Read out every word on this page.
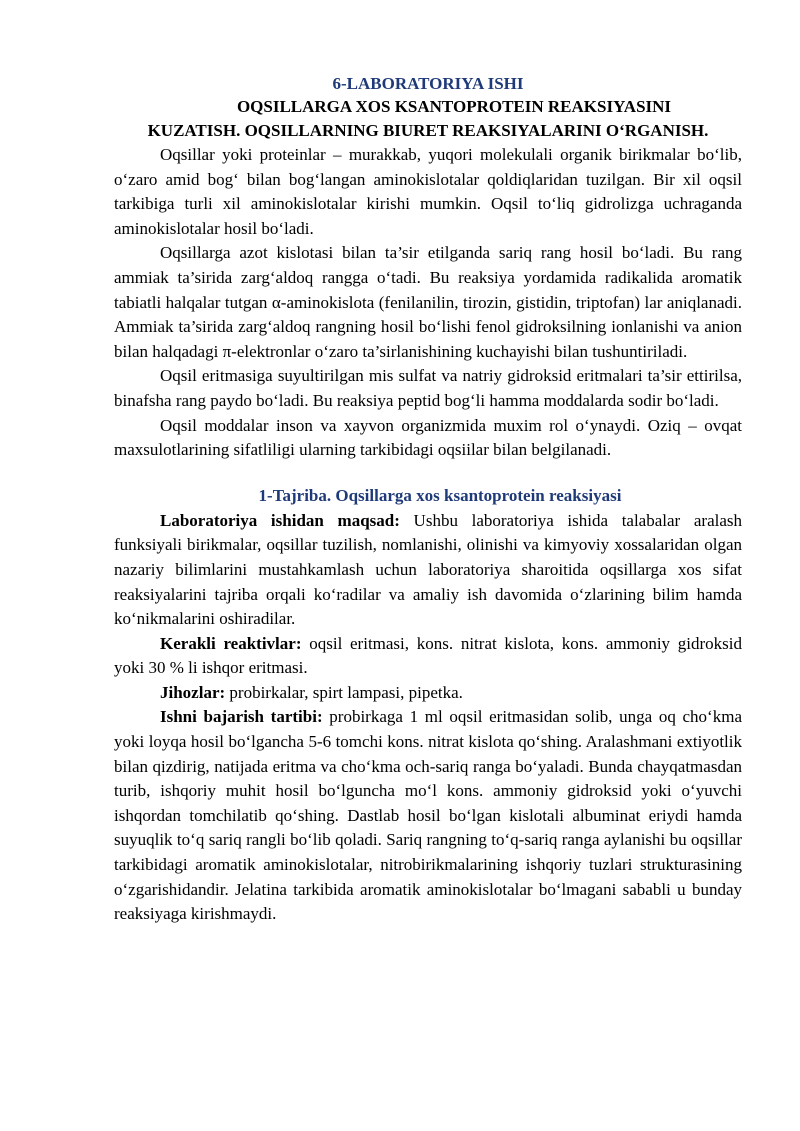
6-LABORATORIYA ISHI
OQSILLARGA XOS KSANTOPROTEIN REAKSIYASINI
KUZATISH. OQSILLARNING BIURET REAKSIYALARINI O‘RGANISH.

Oqsillar yoki proteinlar – murakkab, yuqori molekulali organik birikmalar bo‘lib, o‘zaro amid bog‘ bilan bog‘langan aminokislotalar qoldiqlaridan tuzilgan. Bir xil oqsil tarkibiga turli xil aminokislotalar kirishi mumkin. Oqsil to‘liq gidrolizga uchraganda aminokislotalar hosil bo‘ladi.

Oqsillarga azot kislotasi bilan ta’sir etilganda sariq rang hosil bo‘ladi. Bu rang ammiak ta’sirida zarg‘aldoq rangga o‘tadi. Bu reaksiya yordamida radikalida aromatik tabiatli halqalar tutgan α-aminokislota (fenilanilin, tirozin, gistidin, triptofan) lar aniqlanadi. Ammiak ta’sirida zarg‘aldoq rangning hosil bo‘lishi fenol gidroksilning ionlanishi va anion bilan halqadagi π-elektronlar o‘zaro ta’sirlanishining kuchayishi bilan tushuntiriladi.

Oqsil eritmasiga suyultirilgan mis sulfat va natriy gidroksid eritmalari ta’sir ettirilsa, binafsha rang paydo bo‘ladi. Bu reaksiya peptid bog‘li hamma moddalarda sodir bo‘ladi.

Oqsil moddalar inson va xayvon organizmida muxim rol o‘ynaydi. Oziq – ovqat maxsulotlarining sifatliligi ularning tarkibidagi oqsiilar bilan belgilanadi.

1-Tajriba. Oqsillarga xos ksantoprotein reaksiyasi

Laboratoriya ishidan maqsad: Ushbu laboratoriya ishida talabalar aralash funksiyali birikmalar, oqsillar tuzilish, nomlanishi, olinishi va kimyoviy xossalaridan olgan nazariy bilimlarini mustahkamlash uchun laboratoriya sharoitida oqsillarga xos sifat reaksiyalarini tajriba orqali ko‘radilar va amaliy ish davomida o‘zlarining bilim hamda ko‘nikmalarini oshiradilar.

Kerakli reaktivlar: oqsil eritmasi, kons. nitrat kislota, kons. ammoniy gidroksid yoki 30 % li ishqor eritmasi.

Jihozlar: probirkalar, spirt lampasi, pipetka.

Ishni bajarish tartibi: probirkaga 1 ml oqsil eritmasidan solib, unga oq cho‘kma yoki loyqa hosil bo‘lgancha 5-6 tomchi kons. nitrat kislota qo‘shing. Aralashmani extiyotlik bilan qizdirig, natijada eritma va cho‘kma och-sariq ranga bo‘yaladi. Bunda chayqatmasdan turib, ishqoriy muhit hosil bo‘lguncha mo‘l kons. ammoniy gidroksid yoki o‘yuvchi ishqordan tomchilatib qo‘shing. Dastlab hosil bo‘lgan kislotali albuminat eriydi hamda suyuqlik to‘q sariq rangli bo‘lib qoladi. Sariq rangning to‘q-sariq ranga aylanishi bu oqsillar tarkibidagi aromatik aminokislotalar, nitrobirikmalarining ishqoriy tuzlari strukturasining o‘zgarishidandir. Jelatina tarkibida aromatik aminokislotalar bo‘lmagani sababli u bunday reaksiyaga kirishmaydi.
